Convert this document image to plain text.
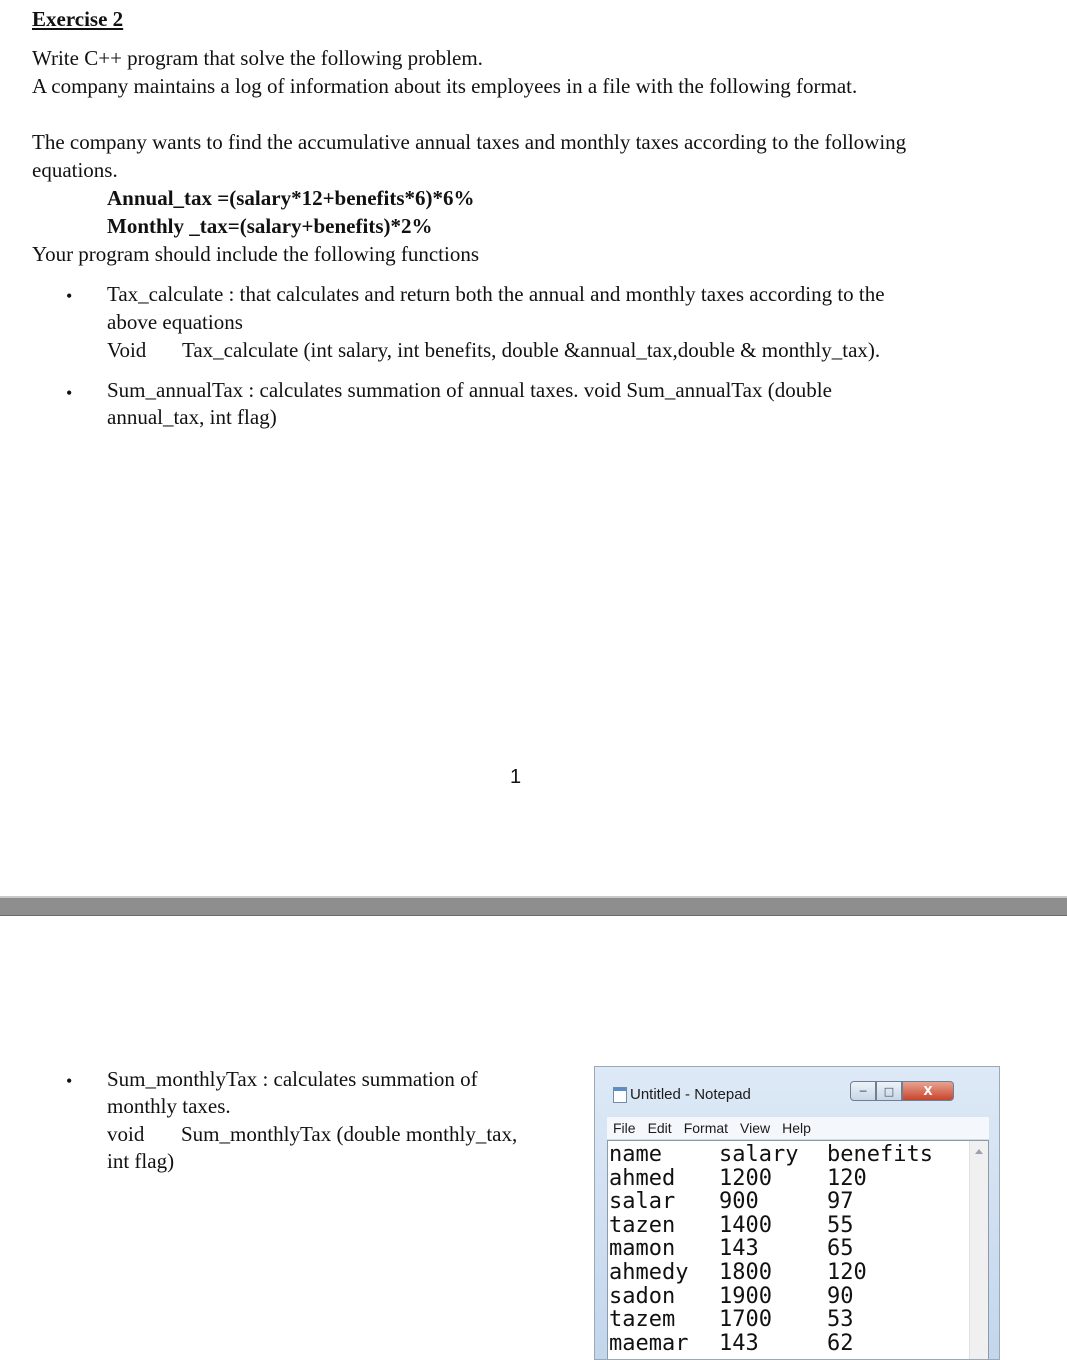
Exercise 2
Write C++ program that solve the following problem.
A company maintains a log of information about its employees in a file with the following format.
The company wants to find the accumulative annual taxes and monthly taxes according to the following
equations.
Annual_tax =(salary*12+benefits*6)*6%
Monthly _tax=(salary+benefits)*2%
Your program should include the following functions
• Tax_calculate : that calculates and return both the annual and monthly taxes according to the
above equations
Void Tax_calculate (int salary, int benefits, double &annual_tax,double & monthly_tax).
• Sum_annualTax : calculates summation of annual taxes. void Sum_annualTax (double
annual_tax, int flag)
1
• Sum_monthlyTax : calculates summation of
monthly taxes.
void Sum_monthlyTax (double monthly_tax,
int flag)
Untitled - Notepad	─ □ X
File Edit Format View Help
name	salary	benefits
ahmed	1200	120
salar	900	97
tazen	1400	55
mamon	143	65
ahmedy	1800	120
sadon	1900	90
tazem	1700	53
maemar	143	62
